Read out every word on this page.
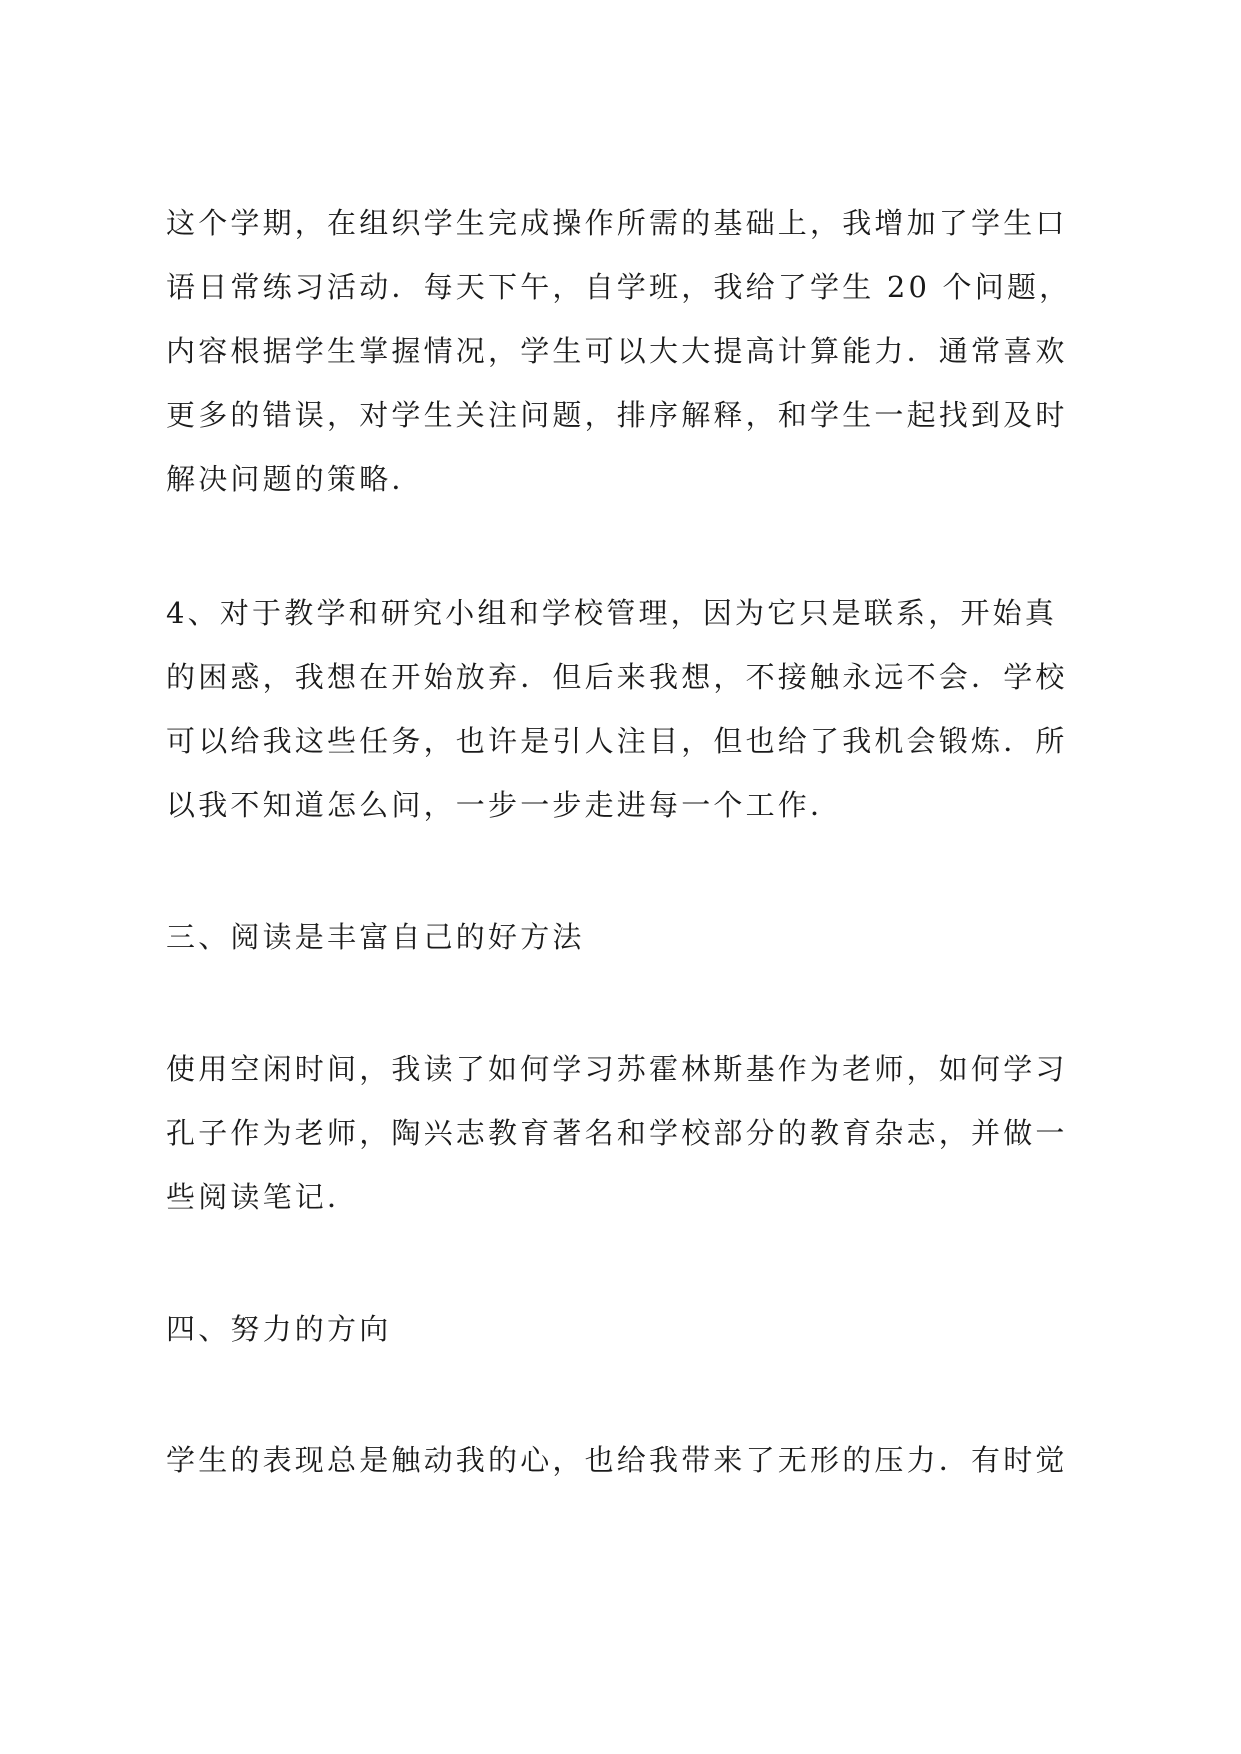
这个学期，在组织学生完成操作所需的基础上，我增加了学生口
语日常练习活动．每天下午，自学班，我给了学生 20 个问题，
内容根据学生掌握情况，学生可以大大提高计算能力．通常喜欢
更多的错误，对学生关注问题，排序解释，和学生一起找到及时
解决问题的策略．
4、对于教学和研究小组和学校管理，因为它只是联系，开始真
的困惑，我想在开始放弃．但后来我想，不接触永远不会．学校
可以给我这些任务，也许是引人注目，但也给了我机会锻炼．所
以我不知道怎么问，一步一步走进每一个工作．
三、阅读是丰富自己的好方法
使用空闲时间，我读了如何学习苏霍林斯基作为老师，如何学习
孔子作为老师，陶兴志教育著名和学校部分的教育杂志，并做一
些阅读笔记．
四、努力的方向
学生的表现总是触动我的心，也给我带来了无形的压力．有时觉
